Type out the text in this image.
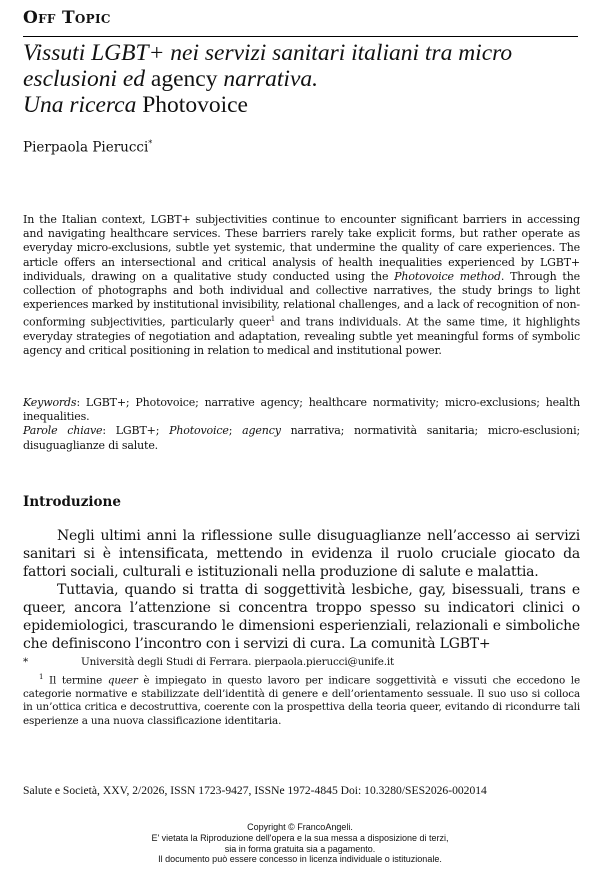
Off Topic
Vissuti LGBT+ nei servizi sanitari italiani tra micro
esclusioni ed agency narrativa.
Una ricerca Photovoice
Pierpaola Pierucci*
In the Italian context, LGBT+ subjectivities continue to encounter significant barriers in accessing and navigating healthcare services. These barriers rarely take explicit forms, but rather operate as everyday micro-exclusions, subtle yet systemic, that undermine the quality of care experiences. The article offers an intersectional and critical analysis of health inequalities experienced by LGBT+ individuals, drawing on a qualitative study conducted using the Photovoice method. Through the collection of photographs and both individual and collective narratives, the study brings to light experiences marked by institutional invisibility, relational challenges, and a lack of recognition of non-conforming subjectivities, particularly queer$^1$ and trans individuals. At the same time, it highlights everyday strategies of negotiation and adaptation, revealing subtle yet meaningful forms of symbolic agency and critical positioning in relation to medical and institutional power.

Keywords: LGBT+; Photovoice; narrative agency; healthcare normativity; micro-exclusions; health inequalities.

Parole chiave: LGBT+; Photovoice; agency narrativa; normatività sanitaria; micro-esclusioni; disuguaglianze di salute.

Introduzione

Negli ultimi anni la riflessione sulle disuguaglianze nell’accesso ai servizi sanitari si è intensificata, mettendo in evidenza il ruolo cruciale giocato da fattori sociali, culturali e istituzionali nella produzione di salute e malattia.

Tuttavia, quando si tratta di soggettività lesbiche, gay, bisessuali, trans e queer, ancora l’attenzione si concentra troppo spesso su indicatori clinici o epidemiologici, trascurando le dimensioni esperienziali, relazionali e simboliche che definiscono l’incontro con i servizi di cura. La comunità LGBT+

*	Università degli Studi di Ferrara. pierpaola.pierucci@unife.it

$^1$ Il termine queer è impiegato in questo lavoro per indicare soggettività e vissuti che eccedono le categorie normative e stabilizzate dell’identità di genere e dell’orientamento sessuale. Il suo uso si colloca in un’ottica critica e decostruttiva, coerente con la prospettiva della teoria queer, evitando di ricondurre tali esperienze a una nuova classificazione identitaria.

Salute e Società, XXV, 2/2026, ISSN 1723-9427, ISSNe 1972-4845 Doi: 10.3280/SES2026-002014
Copyright © FrancoAngeli.
E' vietata la Riproduzione dell'opera e la sua messa a disposizione di terzi,
sia in forma gratuita sia a pagamento.
Il documento può essere concesso in licenza individuale o istituzionale.
